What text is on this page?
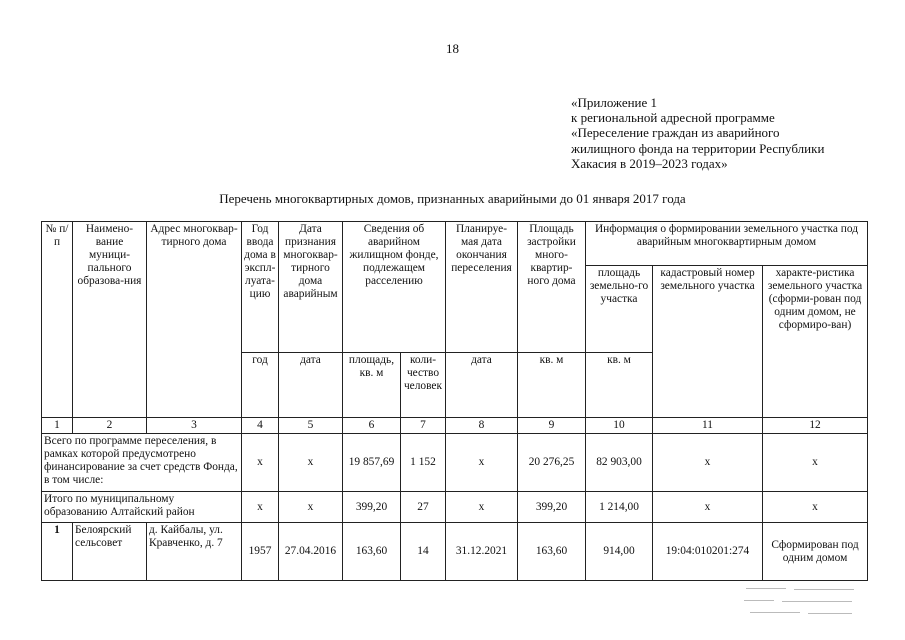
18
«Приложение 1
к региональной адресной программе
«Переселение граждан из аварийного
жилищного фонда на территории Республики
Хакасия в 2019–2023 годах»
Перечень многоквартирных домов, признанных аварийными до 01 января 2017 года
№ п/п	Наимено-вание муници-пального образова-ния	Адрес многоквар-тирного дома	Год ввода дома в экспл-луата-цию	Дата признания многоквар-тирного дома аварийным	Сведения об аварийном жилищном фонде, подлежащем расселению		Планируе-мая дата окончания переселения	Площадь застройки много-квартир-ного дома	Информация о формировании земельного участка под аварийным многоквартирным домом		
									площадь земельно-го участка	кадастровый номер земельного участка	характе-ристика земельного участка (сформи-рован под одним домом, не сформиро-ван)
			год	дата	площадь, кв. м	коли-чество человек	дата	кв. м	кв. м		
1	2	3	4	5	6	7	8	9	10	11	12
Всего по программе переселения, в рамках которой предусмотрено финансирование за счет средств Фонда, в том числе:			x	x	19 857,69	1 152	x	20 276,25	82 903,00	x	x
Итого по муниципальному образованию Алтайский район			x	x	399,20	27	x	399,20	1 214,00	x	x
1	Белоярский сельсовет	д. Кайбалы, ул. Кравченко, д. 7	1957	27.04.2016	163,60	14	31.12.2021	163,60	914,00	19:04:010201:274	Сформирован под одним домом
